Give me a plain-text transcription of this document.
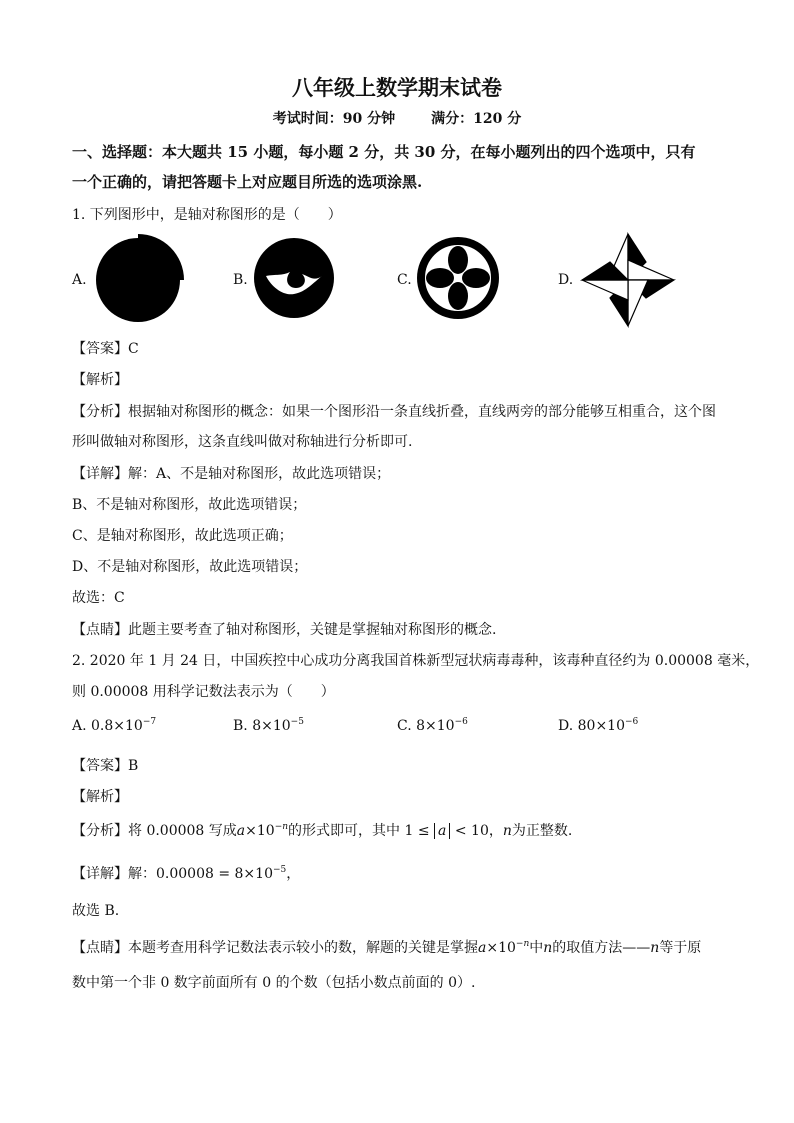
八年级上数学期末试卷
考试时间：90 分钟	满分：120 分
一、选择题：本大题共 15 小题，每小题 2 分，共 30 分，在每小题列出的四个选项中，只有
一个正确的，请把答题卡上对应题目所选的选项涂黑.
1. 下列图形中，是轴对称图形的是（　　）
A.	B.	C.	D.
【答案】C
【解析】
【分析】根据轴对称图形的概念：如果一个图形沿一条直线折叠，直线两旁的部分能够互相重合，这个图
形叫做轴对称图形，这条直线叫做对称轴进行分析即可.
【详解】解：A、不是轴对称图形，故此选项错误；
B、不是轴对称图形，故此选项错误；
C、是轴对称图形，故此选项正确；
D、不是轴对称图形，故此选项错误；
故选：C
【点睛】此题主要考查了轴对称图形，关键是掌握轴对称图形的概念.
2. 2020 年 1 月 24 日，中国疾控中心成功分离我国首株新型冠状病毒毒种，该毒种直径约为 0.00008 毫米，
则 0.00008 用科学记数法表示为（　　）
A. $0.8\times 10^{-7}$	B. $8\times 10^{-5}$	C. $8\times 10^{-6}$	D. $80\times 10^{-6}$
【答案】B
【解析】
【分析】将 0.00008 写成$a\times 10^{-n}$的形式即可，其中 1 ≤ a < 10，n为正整数.
【详解】解：$0.00008 = 8\times 10^{-5}$，
故选 B.
【点睛】本题考查用科学记数法表示较小的数，解题的关键是掌握$a\times 10^{-n}$中n的取值方法——n等于原
数中第一个非 0 数字前面所有 0 的个数（包括小数点前面的 0）.
